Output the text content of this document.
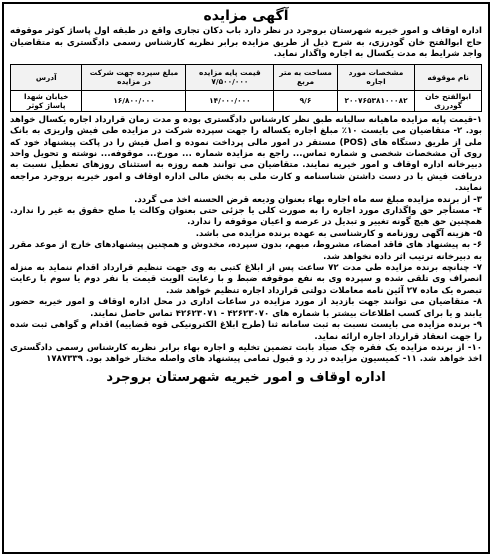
آگهی مزایده
اداره اوقاف و امور خیریه شهرستان بروجرد در نظر دارد باب دکان تجاری واقع در طبقه اول پاساژ کوثر موقوفه حاج ابوالفتح خان گودرزی، به شرح ذیل از طریق مزایده برابر نظریه کارشناس رسمی دادگستری به متقاضیان واجد شرایط به مدت یکسال به اجاره واگذار نماید.
نام موقوفه	مشخصات مورد اجاره	مساحت به متر مربع	قیمت پایه مزایده ۷/۵۰۰/۰۰۰	مبلغ سپرده جهت شرکت در مزایده	آدرس
ابوالفتح خان گودرزی	۲۰۰۷۶۵۳۸۱۰۰۰۸۲	۹/۶	۱۴/۰۰۰/۰۰۰	۱۶/۸۰۰/۰۰۰	خیابان شهدا پاساژ کوثر

۱-قیمت پایه مزایده ماهیانه سالیانه طبق نظر کارشناس دادگستری بوده و مدت زمان قرارداد اجاره یکسال خواهد بود. ۲- متقاضیان می بایست ۱۰٪ مبلغ اجاره یکساله را جهت سپرده شرکت در مزایده طی فیش واریزی به بانک ملی از طریق دستگاه های (POS) مستقر در امور مالی پرداخت نموده و اصل فیش را در پاکت پیشنهاد خود که روی آن مشخصات شخصی و شماره تماس... راجع به مزایده شماره ... مورخ... موقوفه... نوشته و تحویل واحد دبیرخانه اداره اوقاف و امور خیریه نمایند. متقاضیان می توانند همه روزه به استثنای روزهای تعطیل نسبت به دریافت فیش با در دست داشتن شناسنامه و کارت ملی به بخش مالی اداره اوقاف و امور خیریه بروجرد مراجعه نمایند.

۳- از برنده مزایده مبلغ سه ماه اجاره بهاء بعنوان ودیعه قرض الحسنه اخذ می گردد.

۴- مستأجر حق واگذاری مورد اجاره را به صورت کلی یا جزئی حتی بعنوان وکالت یا صلح حقوق به غیر را ندارد. همچنین حق هیچ گونه تغییر و تبدیل در عرصه و اعیان موقوفه را ندارد.

۵- هزینه آگهی روزنامه و کارشناسی به عهده برنده مزایده می باشد.

۶- به پیشنهاد های فاقد امضاء، مشروط، مبهم، بدون سپرده، مخدوش و همچنین پیشنهادهای خارج از موعد مقرر به دبیرخانه ترتیب اثر داده نخواهد شد.

۷- چنانچه برنده مزایده طی مدت ۷۲ ساعت پس از ابلاغ کتبی به وی جهت تنظیم قرارداد اقدام ننماید به منزله انصراف وی تلقی شده و سپرده وی به نفع موقوفه ضبط و با رعایت الویت قیمت با نفر دوم یا سوم با رعایت تبصره یک ماده ۲۷ آئین نامه معاملات دولتی قرارداد اجاره تنظیم خواهد شد.

۸- متقاضیان می توانند جهت بازدید از مورد مزایده در ساعات اداری در محل اداره اوقاف و امور خیریه حضور یابند و یا برای کسب اطلاعات بیشتر با شماره های ۴۲۶۲۳۰۷۰ - ۴۲۶۲۳۰۷۱ تماس حاصل نمایند.

۹- برنده مزایده می بایست نسبت به ثبت سامانه ثنا (طرح ابلاغ الکترونیکی قوه قضاییه) اقدام و گواهی ثبت شده را جهت انعقاد قرارداد اجاره ارائه نماید.

۱۰- از برنده مزایده یک فقره چک صیاد بابت تضمین تخلیه و اجاره بهاء برابر نظریه کارشناس رسمی دادگستری اخذ خواهد شد. ۱۱- کمیسیون مزایده در رد و قبول تمامی پیشنهاد های واصله مختار خواهد بود. ۱۷۸۷۳۳۹

اداره اوقاف و امور خیریه شهرستان بروجرد
